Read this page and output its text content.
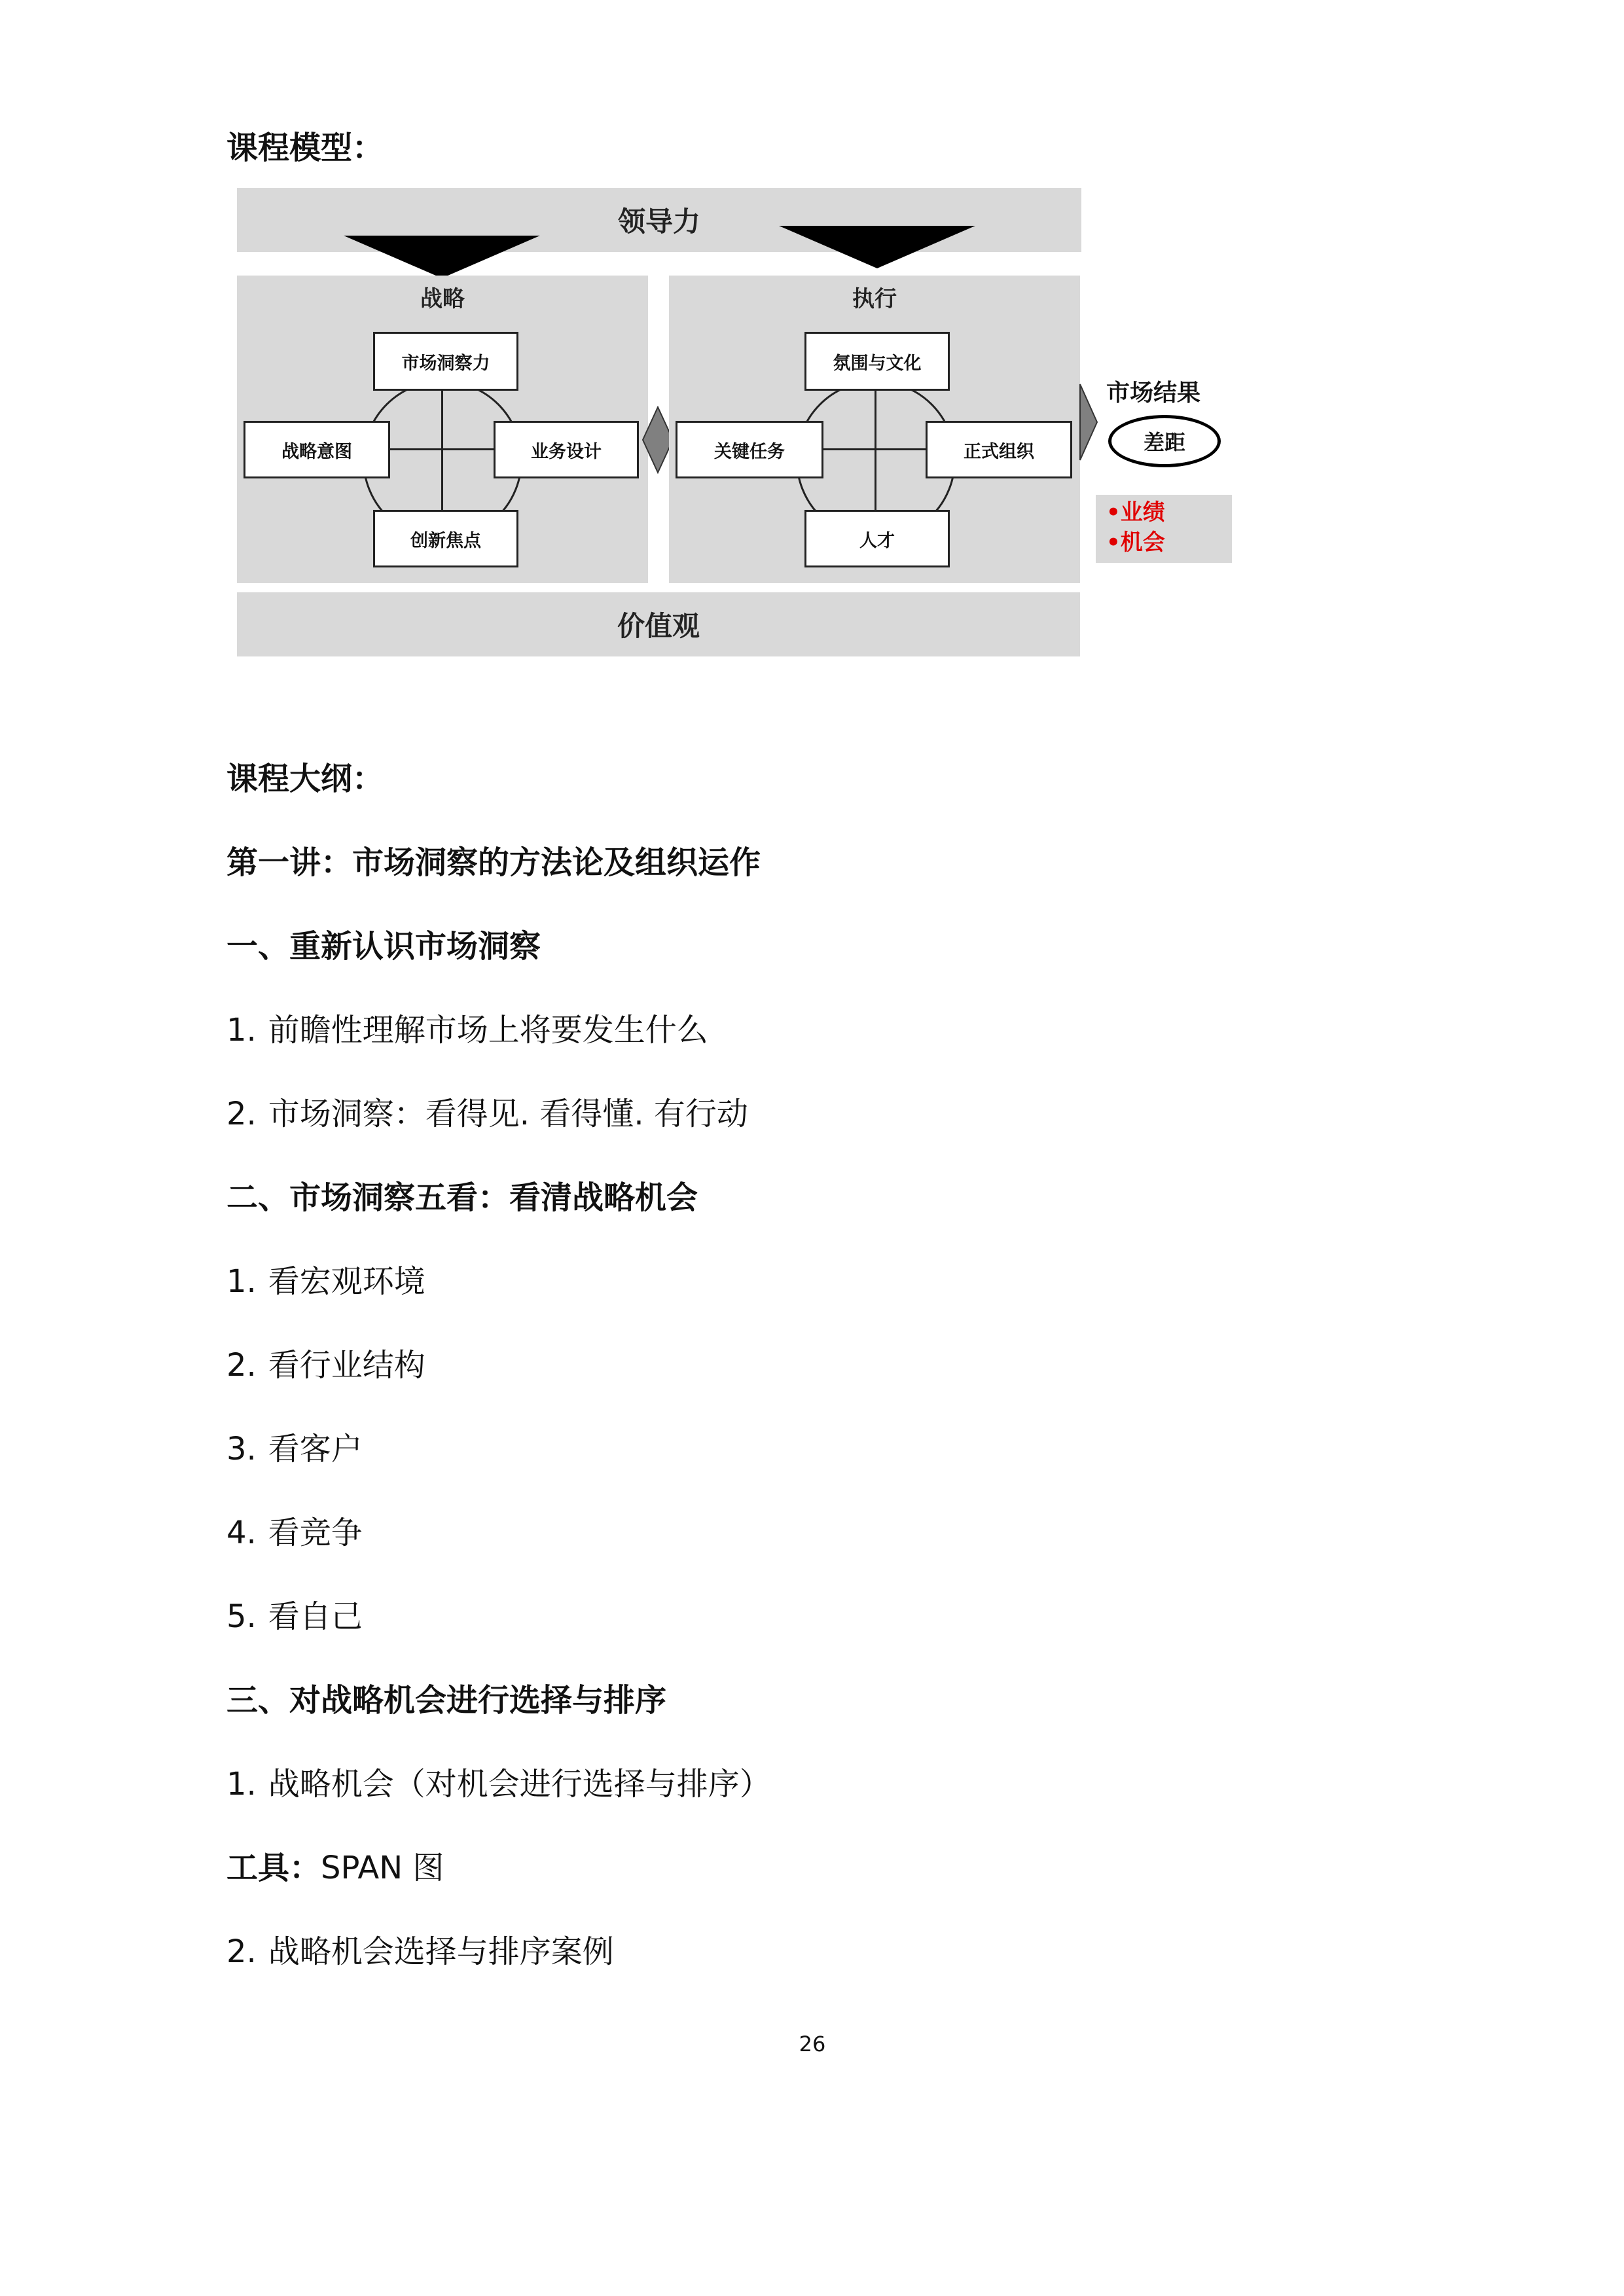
课程模型：
领导力
战略
市场洞察力
战略意图	业务设计
创新焦点
执行
氛围与文化
关键任务	正式组织
人才
市场结果
差距
•业绩
•机会
价值观
课程大纲：
第一讲：市场洞察的方法论及组织运作
一、重新认识市场洞察
1. 前瞻性理解市场上将要发生什么
2. 市场洞察：看得见. 看得懂. 有行动
二、市场洞察五看：看清战略机会
1. 看宏观环境
2. 看行业结构
3. 看客户
4. 看竞争
5. 看自己
三、对战略机会进行选择与排序
1. 战略机会（对机会进行选择与排序）
工具：SPAN 图
2. 战略机会选择与排序案例
26
